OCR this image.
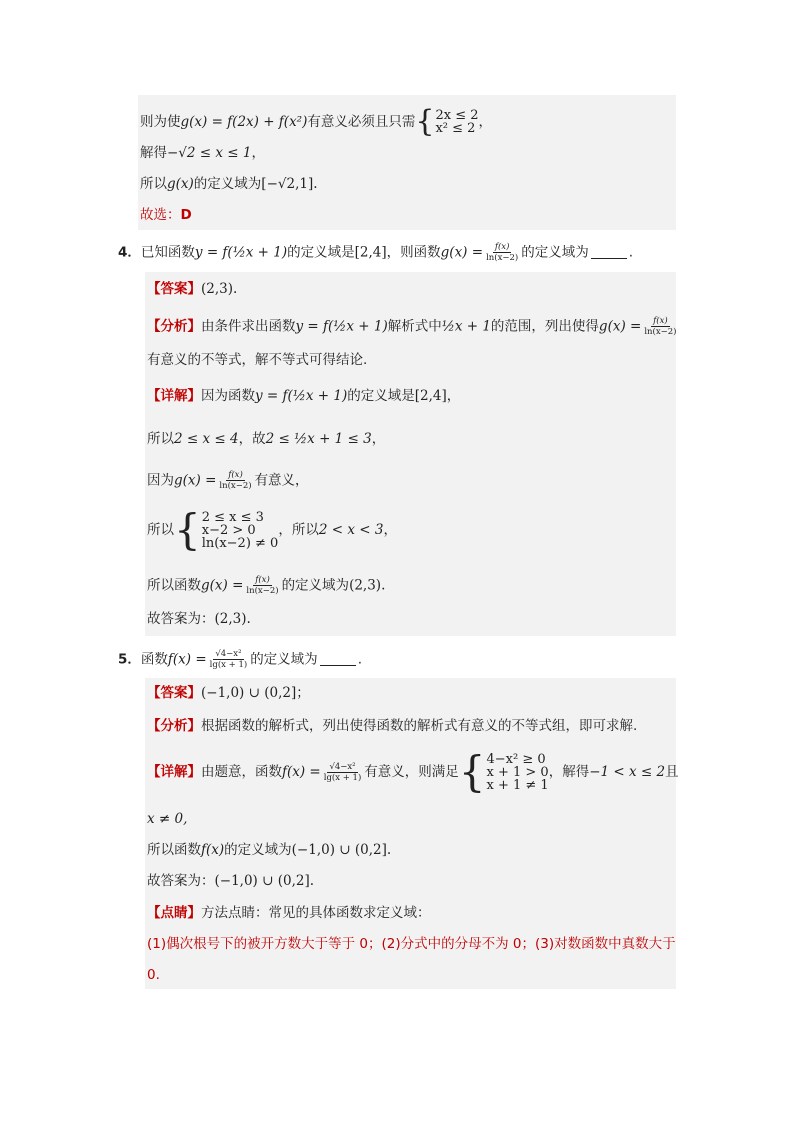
则为使g(x) = f(2x) + f(x²)有意义必须且只需 { 2x ≤ 2
x² ≤ 2 ，
解得−√2 ≤ x ≤ 1，
所以g(x)的定义域为[−√2,1].
故选：D
4．已知函数y = f(½x + 1)的定义域是[2,4]，则函数$g(x) = \frac{f(x)}{\ln(x-2)}$ 的定义域为	.
【答案】(2,3).
【分析】由条件求出函数y = f(½x + 1)解析式中½x + 1的范围，列出使得$g(x) = \frac{f(x)}{\ln(x-2)}$
有意义的不等式，解不等式可得结论.
【详解】因为函数y = f(½x + 1)的定义域是[2,4]，
所以2 ≤ x ≤ 4，故2 ≤ ½x + 1 ≤ 3，
因为$g(x) = \frac{f(x)}{\ln(x-2)}$ 有意义，
所以 { 2 ≤ x ≤ 3
x−2 > 0
ln(x−2) ≠ 0
，所以2 < x < 3，
所以函数$g(x) = \frac{f(x)}{\ln(x-2)}$ 的定义域为(2,3).
故答案为：(2,3).
5．函数$f(x) = \frac{\text{√4−x²}}{\lg(x + 1)}$ 的定义域为	.
【答案】(−1,0) ∪ (0,2]；
【分析】根据函数的解析式，列出使得函数的解析式有意义的不等式组，即可求解.
【详解】由题意，函数$f(x) = \frac{\text{√4−x²}}{\lg(x + 1)}$ 有意义，则满足 { 4−x² ≥ 0
x + 1 > 0
x + 1 ≠ 1
，解得−1 < x ≤ 2且
x ≠ 0,
所以函数f(x)的定义域为(−1,0) ∪ (0,2].
故答案为：(−1,0) ∪ (0,2].
【点睛】方法点睛：常见的具体函数求定义域：
(1)偶次根号下的被开方数大于等于 0；(2)分式中的分母不为 0；(3)对数函数中真数大于
0.
